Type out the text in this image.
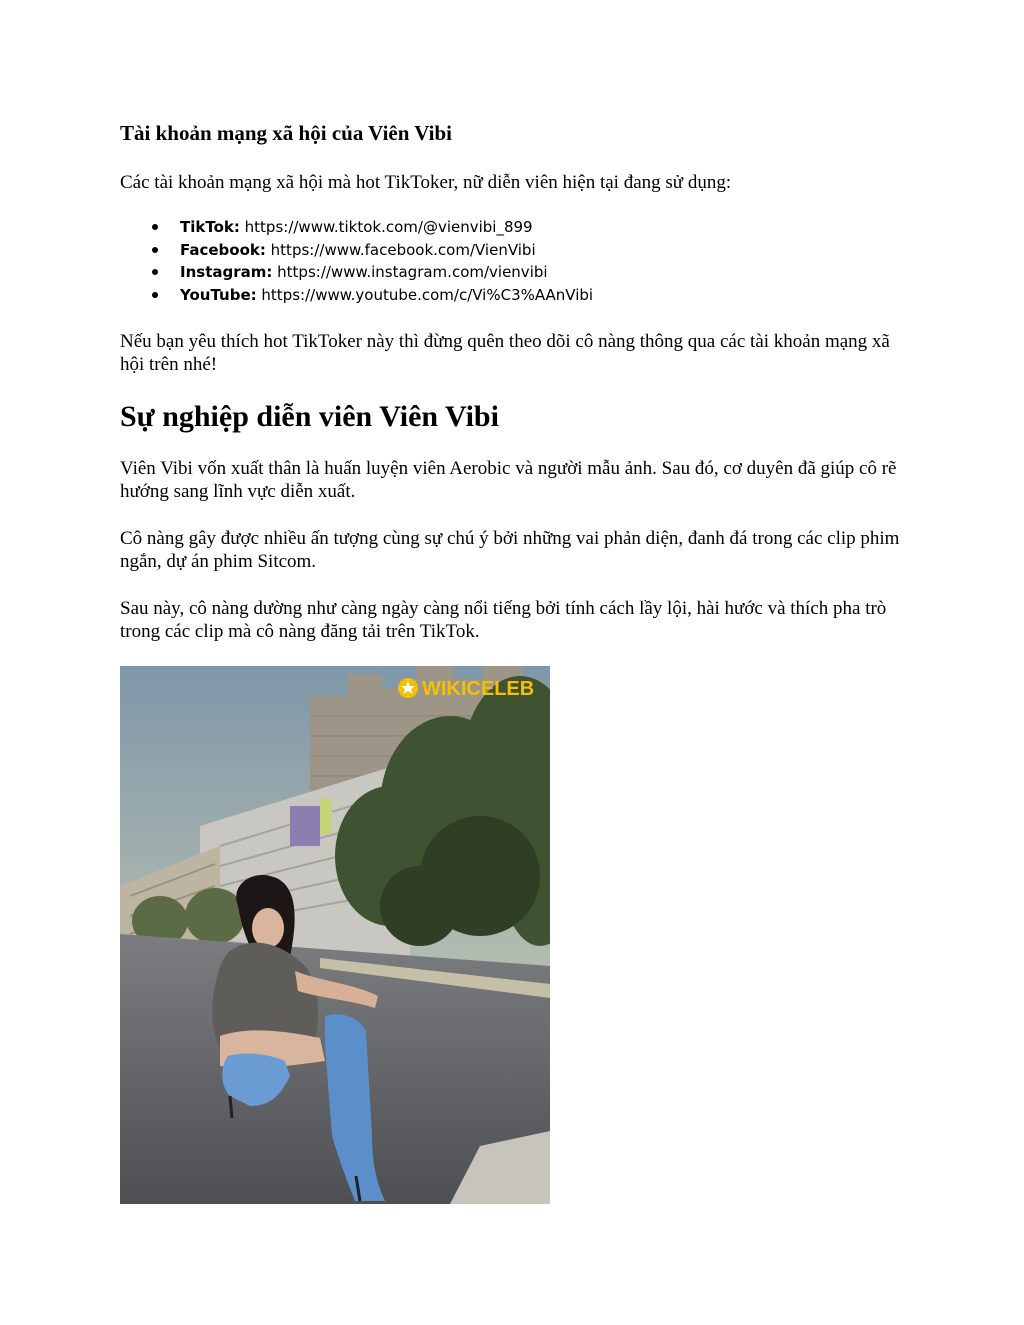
Tài khoản mạng xã hội của Viên Vibi

Các tài khoản mạng xã hội mà hot TikToker, nữ diễn viên hiện tại đang sử dụng:

TikTok: https://www.tiktok.com/@vienvibi_899
Facebook: https://www.facebook.com/VienVibi
Instagram: https://www.instagram.com/vienvibi
YouTube: https://www.youtube.com/c/Vi%C3%AAnVibi

Nếu bạn yêu thích hot TikToker này thì đừng quên theo dõi cô nàng thông qua các tài khoản mạng xã hội trên nhé!

Sự nghiệp diễn viên Viên Vibi

Viên Vibi vốn xuất thân là huấn luyện viên Aerobic và người mẫu ảnh. Sau đó, cơ duyên đã giúp cô rẽ hướng sang lĩnh vực diễn xuất.

Cô nàng gây được nhiều ấn tượng cùng sự chú ý bởi những vai phản diện, đanh đá trong các clip phim ngắn, dự án phim Sitcom.

Sau này, cô nàng dường như càng ngày càng nổi tiếng bởi tính cách lầy lội, hài hước và thích pha trò trong các clip mà cô nàng đăng tải trên TikTok.

WIKICELEB
